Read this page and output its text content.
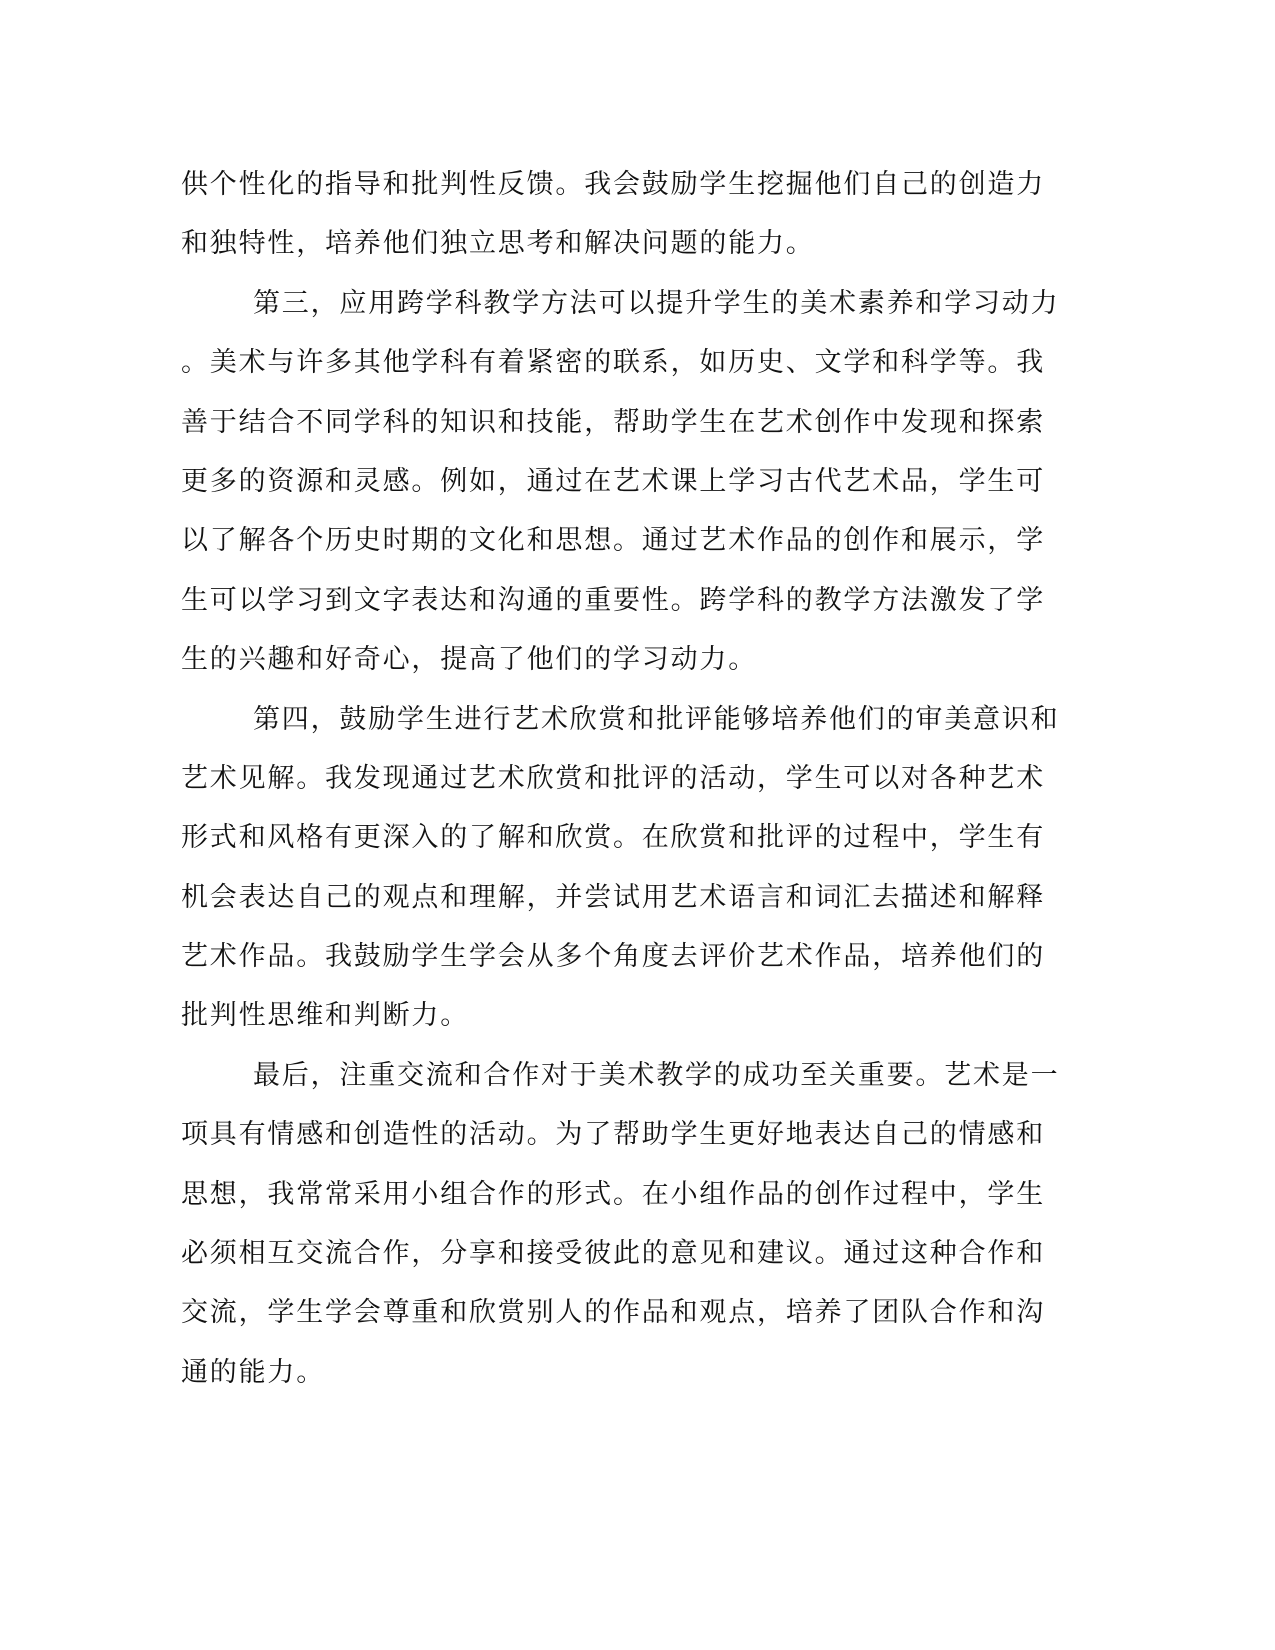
供个性化的指导和批判性反馈。我会鼓励学生挖掘他们自己的创造力
和独特性，培养他们独立思考和解决问题的能力。
第三，应用跨学科教学方法可以提升学生的美术素养和学习动力
。美术与许多其他学科有着紧密的联系，如历史、文学和科学等。我
善于结合不同学科的知识和技能，帮助学生在艺术创作中发现和探索
更多的资源和灵感。例如，通过在艺术课上学习古代艺术品，学生可
以了解各个历史时期的文化和思想。通过艺术作品的创作和展示，学
生可以学习到文字表达和沟通的重要性。跨学科的教学方法激发了学
生的兴趣和好奇心，提高了他们的学习动力。
第四，鼓励学生进行艺术欣赏和批评能够培养他们的审美意识和
艺术见解。我发现通过艺术欣赏和批评的活动，学生可以对各种艺术
形式和风格有更深入的了解和欣赏。在欣赏和批评的过程中，学生有
机会表达自己的观点和理解，并尝试用艺术语言和词汇去描述和解释
艺术作品。我鼓励学生学会从多个角度去评价艺术作品，培养他们的
批判性思维和判断力。
最后，注重交流和合作对于美术教学的成功至关重要。艺术是一
项具有情感和创造性的活动。为了帮助学生更好地表达自己的情感和
思想，我常常采用小组合作的形式。在小组作品的创作过程中，学生
必须相互交流合作，分享和接受彼此的意见和建议。通过这种合作和
交流，学生学会尊重和欣赏别人的作品和观点，培养了团队合作和沟
通的能力。
